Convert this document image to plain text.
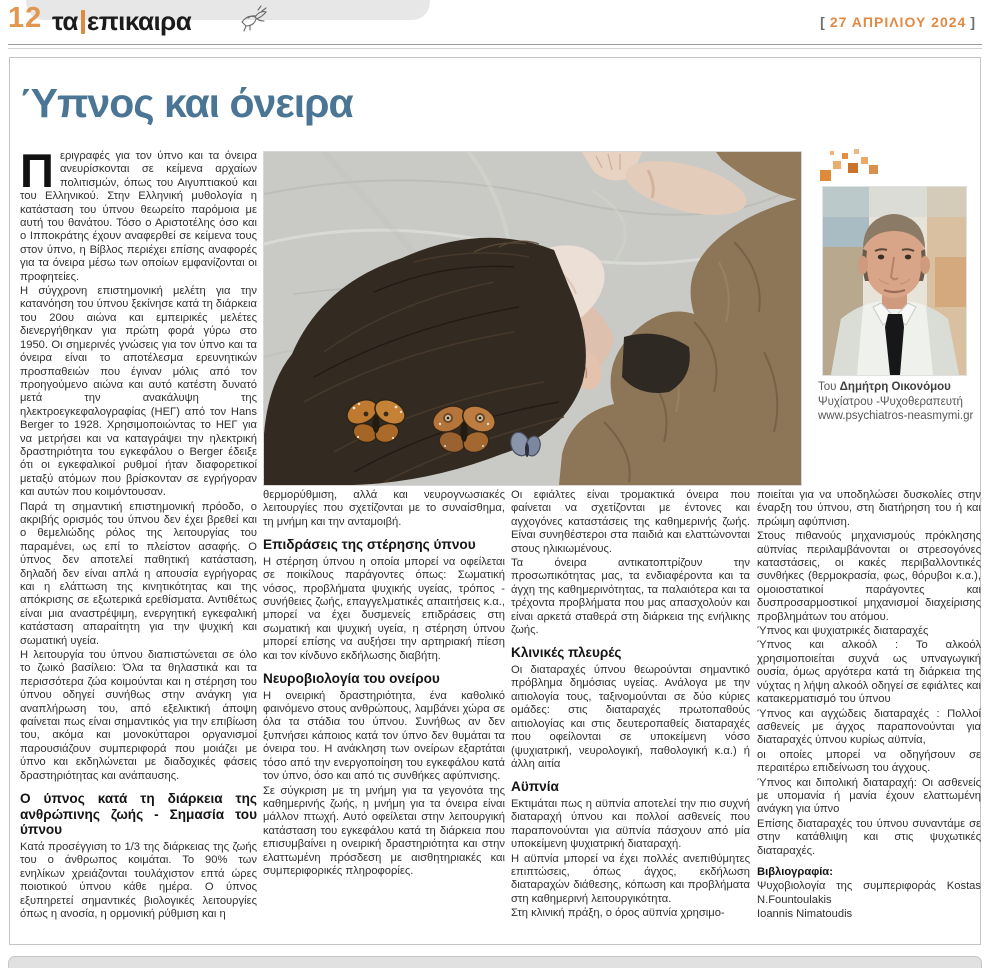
12 τα επικαιρα	[ 27 ΑΠΡΙΛΙΟΥ 2024 ]
Ύπνος και όνειρα
Του Δημήτρη Οικονόμου
Ψυχίατρου -Ψυχοθεραπευτή
www.psychiatros-neasmymi.gr

Περιγραφές για τον ύπνο και τα όνειρα ανευρίσκονται σε κείμενα αρχαίων πολιτισμών, όπως του Αιγυπτιακού και του Ελληνικού. Στην Ελληνική μυθολογία η κατάσταση του ύπνου θεωρείτο παρόμοια με αυτή του θανάτου. Τόσο ο Αριστοτέλης όσο και ο Ιπποκράτης έχουν αναφερθεί σε κείμενα τους στον ύπνο, η Βίβλος περιέχει επίσης αναφορές για τα όνειρα μέσω των οποίων εμφανίζονται οι προφητείες.

Η σύγχρονη επιστημονική μελέτη για την κατανόηση του ύπνου ξεκίνησε κατά τη διάρκεια του 20ου αιώνα και εμπειρικές μελέτες διενεργήθηκαν για πρώτη φορά γύρω στο 1950. Οι σημερινές γνώσεις για τον ύπνο και τα όνειρα είναι το αποτέλεσμα ερευνητικών προσπαθειών που έγιναν μόλις από τον προηγούμενο αιώνα και αυτό κατέστη δυνατό μετά την ανακάλυψη της ηλεκτροεγκεφαλογραφίας (ΗΕΓ) από τον Hans Berger το 1928. Χρησιμοποιώντας το ΗΕΓ για να μετρήσει και να καταγράψει την ηλεκτρική δραστηριότητα του εγκεφάλου ο Berger έδειξε ότι οι εγκεφαλικοί ρυθμοί ήταν διαφορετικοί μεταξύ ατόμων που βρίσκονταν σε εγρήγοραν και αυτών που κοιμόντουσαν.

Παρά τη σημαντική επιστημονική πρόοδο, ο ακριβής ορισμός του ύπνου δεν έχει βρεθεί και ο θεμελιώδης ρόλος της λειτουργίας του παραμένει, ως επί το πλείστον ασαφής. Ο ύπνος δεν αποτελεί παθητική κατάσταση, δηλαδή δεν είναι απλά η απουσία εγρήγορας και η ελάττωση της κινητικότητας και της απόκρισης σε εξωτερικά ερεθίσματα. Αντιθέτως είναι μια αναστρέψιμη, ενεργητική εγκεφαλική κατάσταση απαραίτητη για την ψυχική και σωματική υγεία.

Η λειτουργία του ύπνου διαπιστώνεται σε όλο το ζωικό βασίλειο: Όλα τα θηλαστικά και τα περισσότερα ζώα κοιμούνται και η στέρηση του ύπνου οδηγεί συνήθως στην ανάγκη για αναπλήρωση του, από εξελικτική άποψη φαίνεται πως είναι σημαντικός για την επιβίωση του, ακόμα και μονοκύτταροι οργανισμοί παρουσιάζουν συμπεριφορά που μοιάζει με ύπνο και εκδηλώνεται με διαδοχικές φάσεις δραστηριότητας και ανάπαυσης.

Ο ύπνος κατά τη διάρκεια της ανθρώπινης ζωής - Σημασία του ύπνου

Κατά προσέγγιση το 1/3 της διάρκειας της ζωής του ο άνθρωπος κοιμάται. Το 90% των ενηλίκων χρειάζονται τουλάχιστον επτά ώρες ποιοτικού ύπνου κάθε ημέρα. Ο ύπνος εξυπηρετεί σημαντικές βιολογικές λειτουργίες όπως η ανοσία, η ορμονική ρύθμιση και η

θερμορύθμιση, αλλά και νευρογνωσιακές λειτουργίες που σχετίζονται με το συναίσθημα, τη μνήμη και την ανταμοιβή.

Επιδράσεις της στέρησης ύπνου

Η στέρηση ύπνου η οποία μπορεί να οφείλεται σε ποικίλους παράγοντες όπως: Σωματική νόσος, προβλήματα ψυχικής υγείας, τρόπος - συνήθειες ζωής, επαγγελματικές απαιτήσεις κ.α., μπορεί να έχει δυσμενείς επιδράσεις στη σωματική και ψυχική υγεία, η στέρηση ύπνου μπορεί επίσης να αυξήσει την αρτηριακή πίεση και τον κίνδυνο εκδήλωσης διαβήτη.

Νευροβιολογία του ονείρου

Η ονειρική δραστηριότητα, ένα καθολικό φαινόμενο στους ανθρώπους, λαμβάνει χώρα σε όλα τα στάδια του ύπνου. Συνήθως αν δεν ξυπνήσει κάποιος κατά τον ύπνο δεν θυμάται τα όνειρα του. Η ανάκληση των ονείρων εξαρτάται τόσο από την ενεργοποίηση του εγκεφάλου κατά τον ύπνο, όσο και από τις συνθήκες αφύπνισης.

Σε σύγκριση με τη μνήμη για τα γεγονότα της καθημερινής ζωής, η μνήμη για τα όνειρα είναι μάλλον πτωχή. Αυτό οφείλεται στην λειτουργική κατάσταση του εγκεφάλου κατά τη διάρκεια που επισυμβαίνει η ονειρική δραστηριότητα και στην ελαττωμένη πρόσδεση με αισθητηριακές και συμπεριφορικές πληροφορίες.

Οι εφιάλτες είναι τρομακτικά όνειρα που φαίνεται να σχετίζονται με έντονες και αγχογόνες καταστάσεις της καθημερινής ζωής. Είναι συνηθέστεροι στα παιδιά και ελαττώνονται στους ηλικιωμένους.

Τα όνειρα αντικατοπτρίζουν την προσωπικότητας μας, τα ενδιαφέροντα και τα άγχη της καθημερινότητας, τα παλαιότερα και τα τρέχοντα προβλήματα που μας απασχολούν και είναι αρκετά σταθερά στη διάρκεια της ενήλικης ζωής.

Κλινικές πλευρές

Οι διαταραχές ύπνου θεωρούνται σημαντικό πρόβλημα δημόσιας υγείας. Ανάλογα με την αιτιολογία τους, ταξινομούνται σε δύο κύριες ομάδες: στις διαταραχές πρωτοπαθούς αιτιολογίας και στις δευτεροπαθείς διαταραχές που οφείλονται σε υποκείμενη νόσο (ψυχιατρική, νευρολογική, παθολογική κ.α.) ή άλλη αιτία

Αϋπνία

Εκτιμάται πως η αϋπνία αποτελεί την πιο συχνή διαταραχή ύπνου και πολλοί ασθενείς που παραπονούνται για αϋπνία πάσχουν από μία υποκείμενη ψυχιατρική διαταραχή.

Η αϋπνία μπορεί να έχει πολλές ανεπιθύμητες επιπτώσεις, όπως άγχος, εκδήλωση διαταραχών διάθεσης, κόπωση και προβλήματα στη καθημερινή λειτουργικότητα.

Στη κλινική πράξη, ο όρος αϋπνία χρησιμο-

ποιείται για να υποδηλώσει δυσκολίες στην έναρξη του ύπνου, στη διατήρηση του ή και πρώιμη αφύπνιση.

Στους πιθανούς μηχανισμούς πρόκλησης αϋπνίας περιλαμβάνονται οι στρεσογόνες καταστάσεις, οι κακές περιβαλλοντικές συνθήκες (θερμοκρασία, φως, θόρυβοι κ.α.), ομοιοστατικοί παράγοντες και δυσπροσαρμοστικοί μηχανισμοί διαχείρισης προβλημάτων του ατόμου.

Ύπνος και ψυχιατρικές διαταραχές

Ύπνος και αλκοόλ : Το αλκοόλ χρησιμοποιείται συχνά ως υπναγωγική ουσία, όμως αργότερα κατά τη διάρκεια της νύχτας η λήψη αλκοόλ οδηγεί σε εφιάλτες και κατακερματισμό του ύπνου

Ύπνος και αγχώδεις διαταραχές : Πολλοί ασθενείς με άγχος παραπονούνται για διαταραχές ύπνου κυρίως αϋπνία,

οι οποίες μπορεί να οδηγήσουν σε περαιτέρω επιδείνωση του άγχους.

Ύπνος και διπολική διαταραχή: Οι ασθενείς με υπομανία ή μανία έχουν ελαττωμένη ανάγκη για ύπνο

Επίσης διαταραχές του ύπνου συναντάμε σε στην κατάθλιψη και στις ψυχωτικές διαταραχές.

Βιβλιογραφία:

Ψυχοβιολογία της συμπεριφοράς Kostas N.Fountoulakis

Ioannis Nimatoudis
